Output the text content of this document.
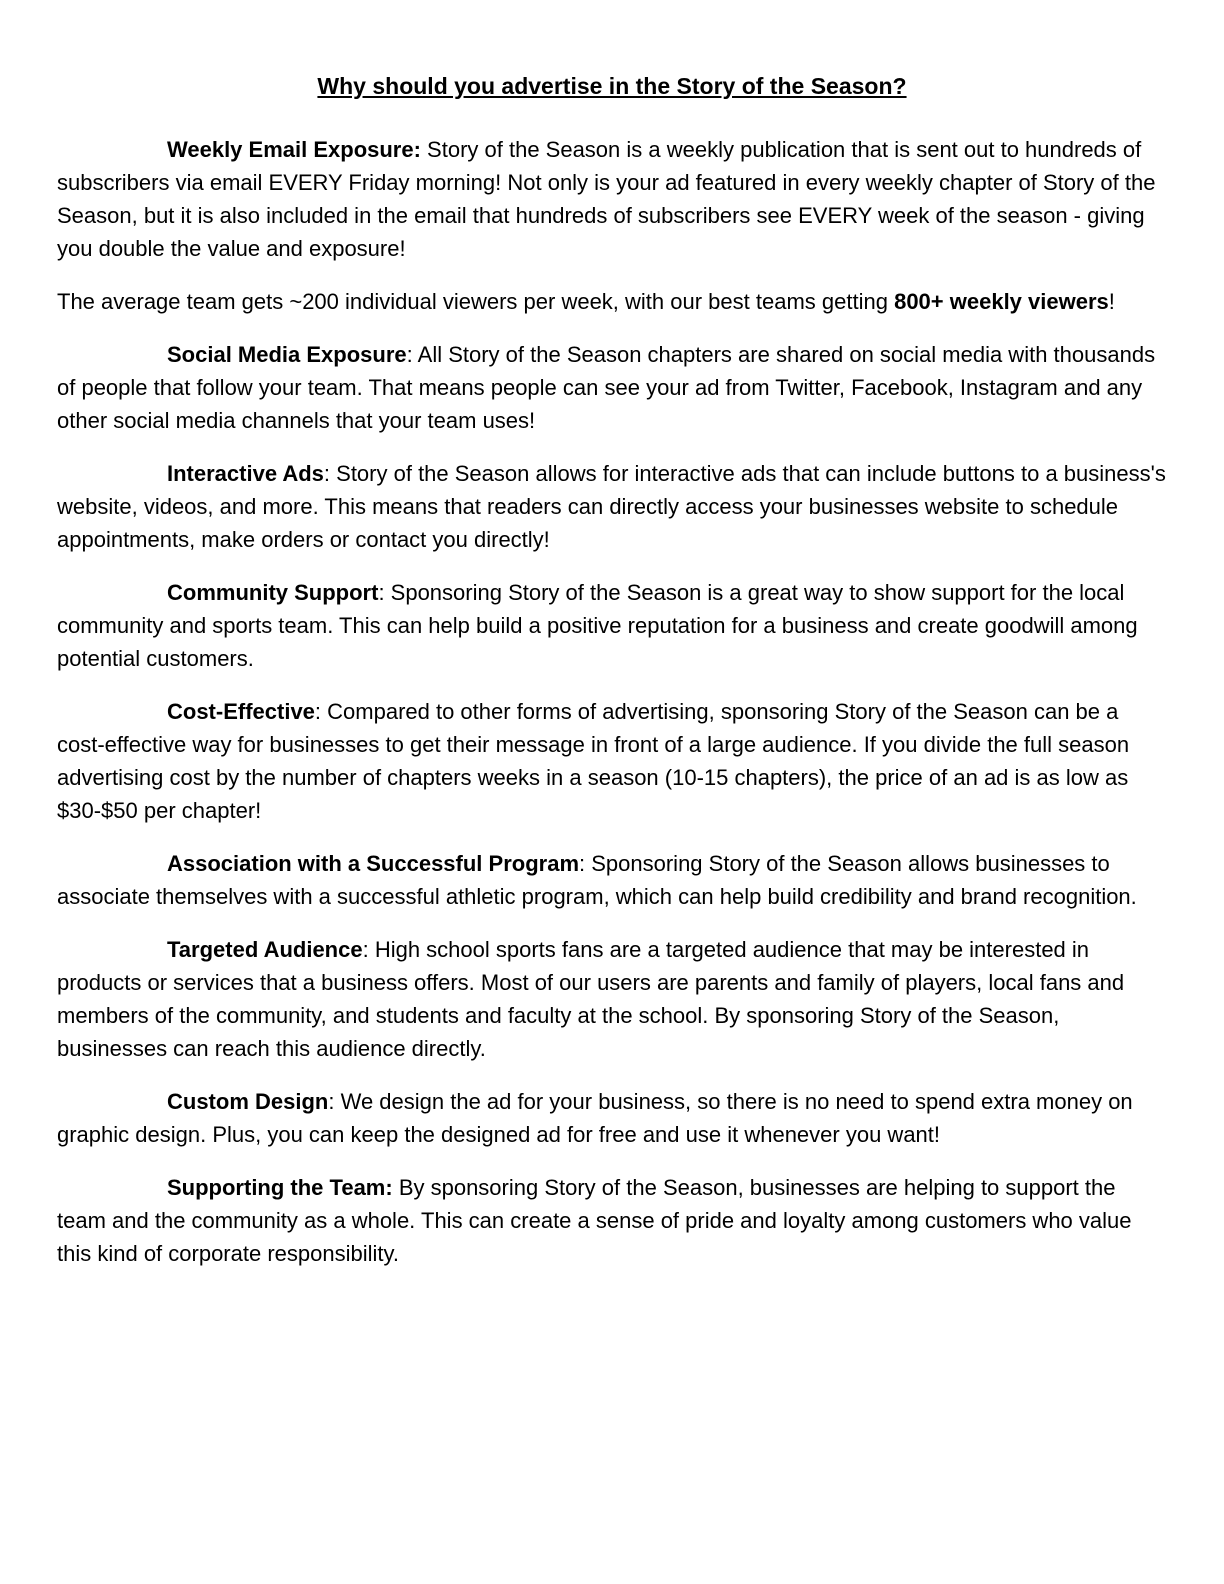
Why should you advertise in the Story of the Season?

Weekly Email Exposure: Story of the Season is a weekly publication that is sent out to hundreds of subscribers via email EVERY Friday morning! Not only is your ad featured in every weekly chapter of Story of the Season, but it is also included in the email that hundreds of subscribers see EVERY week of the season - giving you double the value and exposure!

The average team gets ~200 individual viewers per week, with our best teams getting 800+ weekly viewers!

Social Media Exposure: All Story of the Season chapters are shared on social media with thousands of people that follow your team. That means people can see your ad from Twitter, Facebook, Instagram and any other social media channels that your team uses!

Interactive Ads: Story of the Season allows for interactive ads that can include buttons to a business's website, videos, and more. This means that readers can directly access your businesses website to schedule appointments, make orders or contact you directly!

Community Support: Sponsoring Story of the Season is a great way to show support for the local community and sports team. This can help build a positive reputation for a business and create goodwill among potential customers.

Cost-Effective: Compared to other forms of advertising, sponsoring Story of the Season can be a cost-effective way for businesses to get their message in front of a large audience. If you divide the full season advertising cost by the number of chapters weeks in a season (10-15 chapters), the price of an ad is as low as $30-$50 per chapter!

Association with a Successful Program: Sponsoring Story of the Season allows businesses to associate themselves with a successful athletic program, which can help build credibility and brand recognition.

Targeted Audience: High school sports fans are a targeted audience that may be interested in products or services that a business offers. Most of our users are parents and family of players, local fans and members of the community, and students and faculty at the school. By sponsoring Story of the Season, businesses can reach this audience directly.

Custom Design: We design the ad for your business, so there is no need to spend extra money on graphic design. Plus, you can keep the designed ad for free and use it whenever you want!

Supporting the Team: By sponsoring Story of the Season, businesses are helping to support the team and the community as a whole. This can create a sense of pride and loyalty among customers who value this kind of corporate responsibility.
